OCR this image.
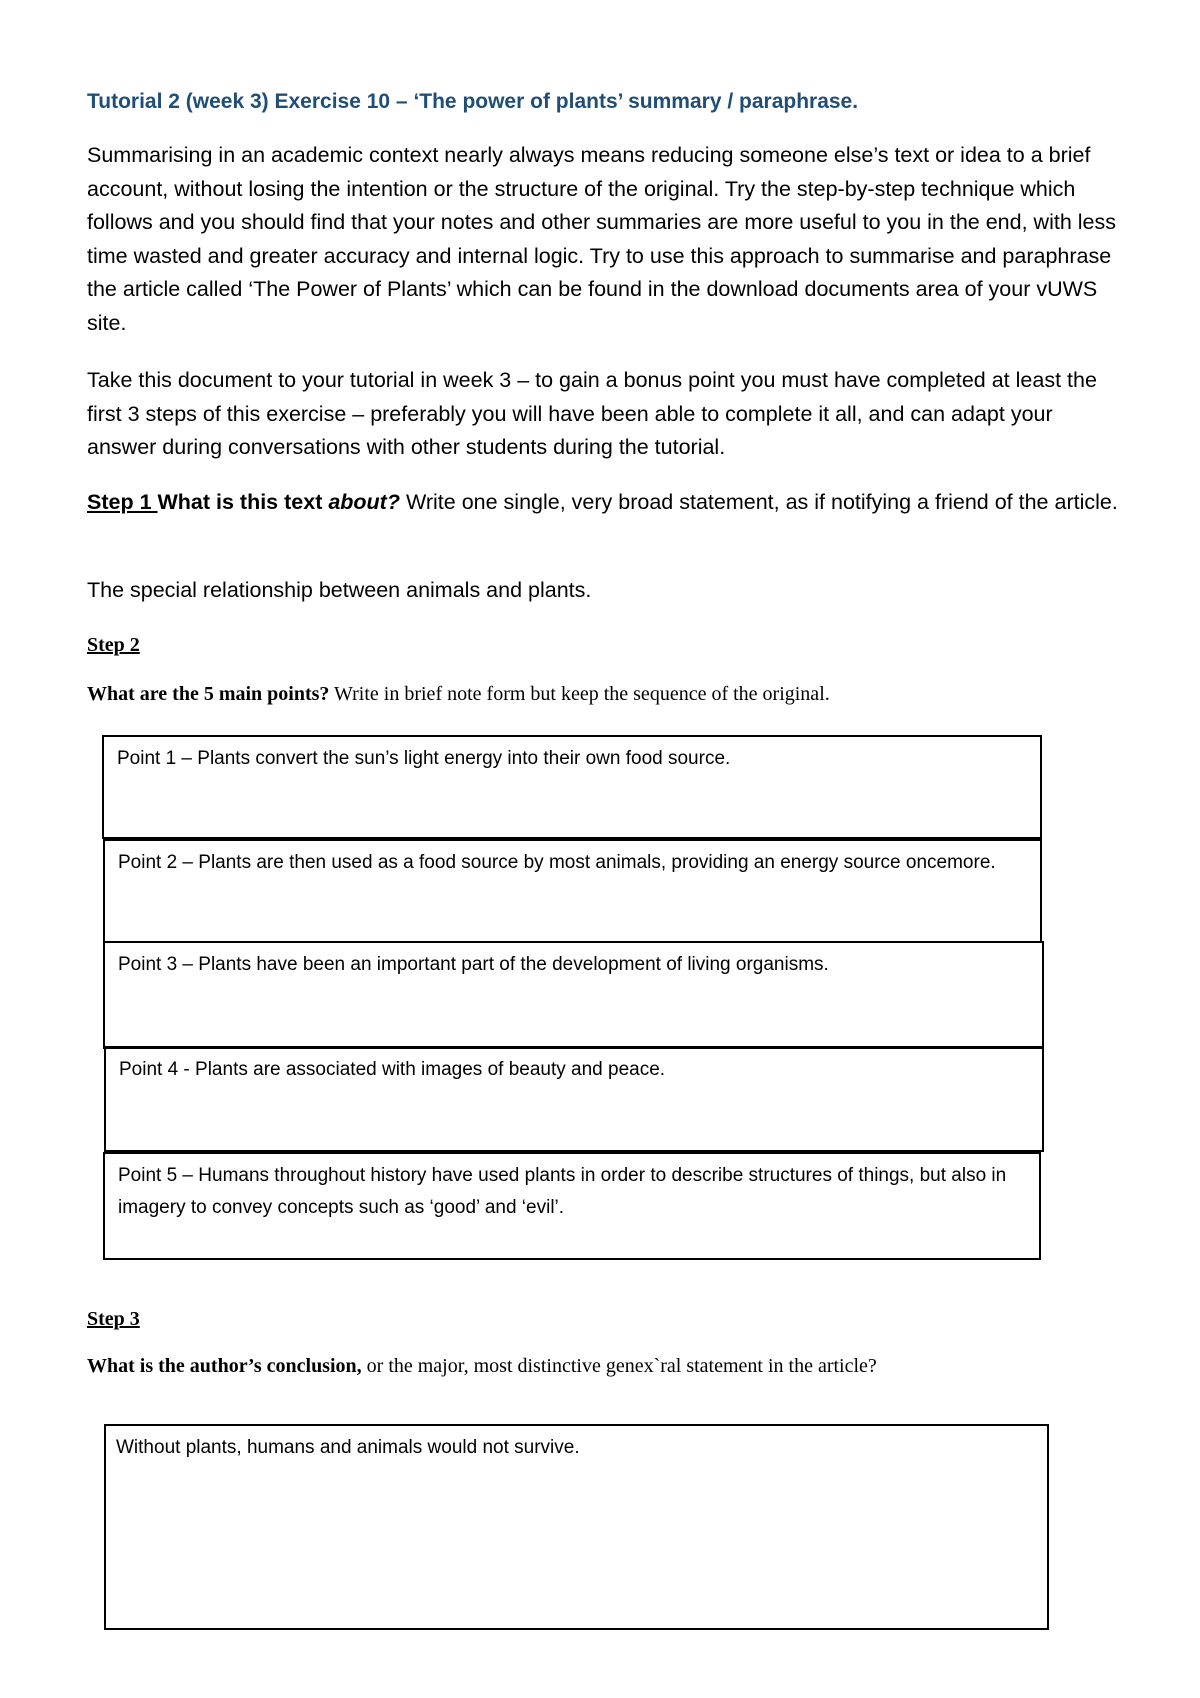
Tutorial 2 (week 3) Exercise 10 – ‘The power of plants’ summary / paraphrase.
Summarising in an academic context nearly always means reducing someone else’s text or idea to a brief account, without losing the intention or the structure of the original. Try the step-by-step technique which follows and you should find that your notes and other summaries are more useful to you in the end, with less time wasted and greater accuracy and internal logic. Try to use this approach to summarise and paraphrase the article called ‘The Power of Plants’ which can be found in the download documents area of your vUWS site.
Take this document to your tutorial in week 3 – to gain a bonus point you must have completed at least the first 3 steps of this exercise – preferably you will have been able to complete it all, and can adapt your answer during conversations with other students during the tutorial.
Step 1 What is this text about? Write one single, very broad statement, as if notifying a friend of the article.
The special relationship between animals and plants.
Step 2
What are the 5 main points? Write in brief note form but keep the sequence of the original.
Point 1 – Plants convert the sun’s light energy into their own food source.
Point 2 – Plants are then used as a food source by most animals, providing an energy source oncemore.
Point 3 – Plants have been an important part of the development of living organisms.
Point 4 - Plants are associated with images of beauty and peace.
Point 5 – Humans throughout history have used plants in order to describe structures of things, but also in imagery to convey concepts such as ‘good’ and ‘evil’.
Step 3
What is the author’s conclusion, or the major, most distinctive genex`ral statement in the article?
Without plants, humans and animals would not survive.
